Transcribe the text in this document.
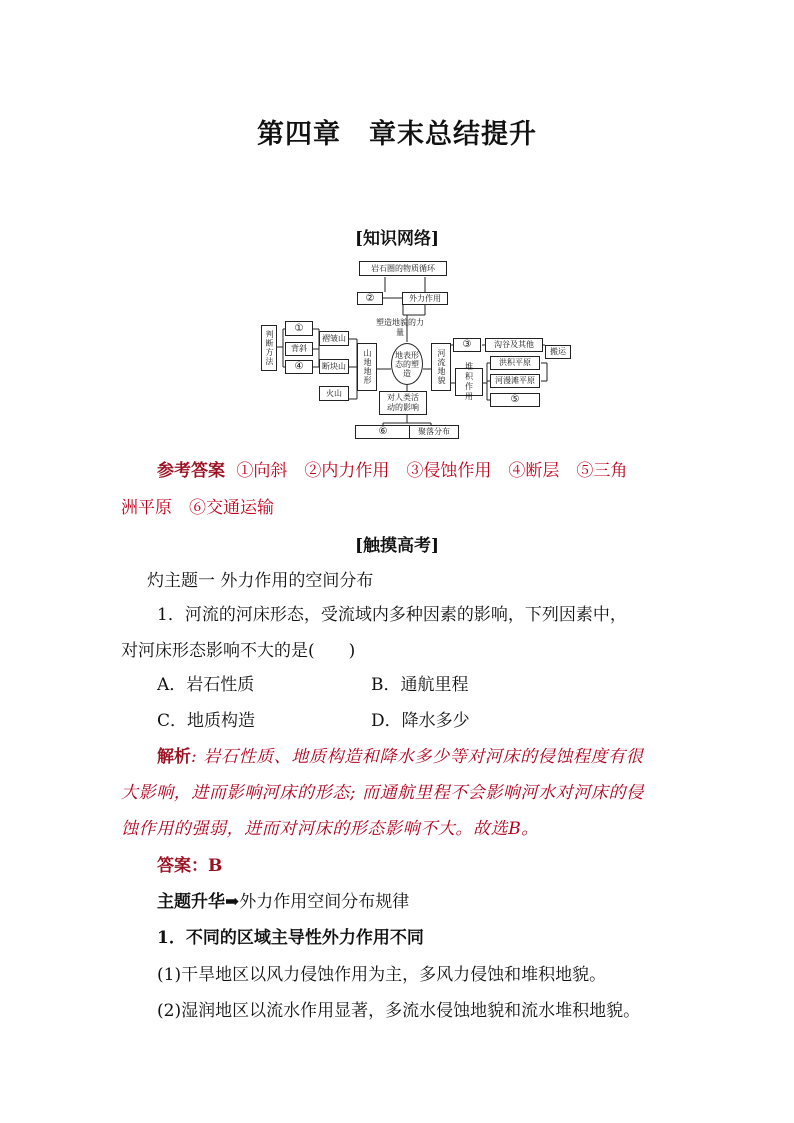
第四章　章末总结提升
[知识网络]
岩石圈的物质循环
②	外力作用
塑造地貌的力量
判断方法
①
背斜
④
褶皱山
断块山
火山
山地地形	地表形态的塑造	河流地貌
③
堆积作用
沟谷及其他
洪积平原
河漫滩平原
⑤
搬运
对人类活动的影响
⑥	聚落分布
参考答案 ①向斜　②内力作用　③侵蚀作用　④断层　⑤三角
洲平原　⑥交通运输
[触摸高考]
灼主题一 外力作用的空间分布
1．河流的河床形态，受流域内多种因素的影响，下列因素中，
对河床形态影响不大的是(　　)
A．岩石性质	B．通航里程
C．地质构造	D．降水多少
解析: 岩石性质、地质构造和降水多少等对河床的侵蚀程度有很
大影响，进而影响河床的形态; 而通航里程不会影响河水对河床的侵
蚀作用的强弱，进而对河床的形态影响不大。故选B。
答案：B
主题升华➡外力作用空间分布规律
1．不同的区域主导性外力作用不同
(1)干旱地区以风力侵蚀作用为主，多风力侵蚀和堆积地貌。
(2)湿润地区以流水作用显著，多流水侵蚀地貌和流水堆积地貌。
